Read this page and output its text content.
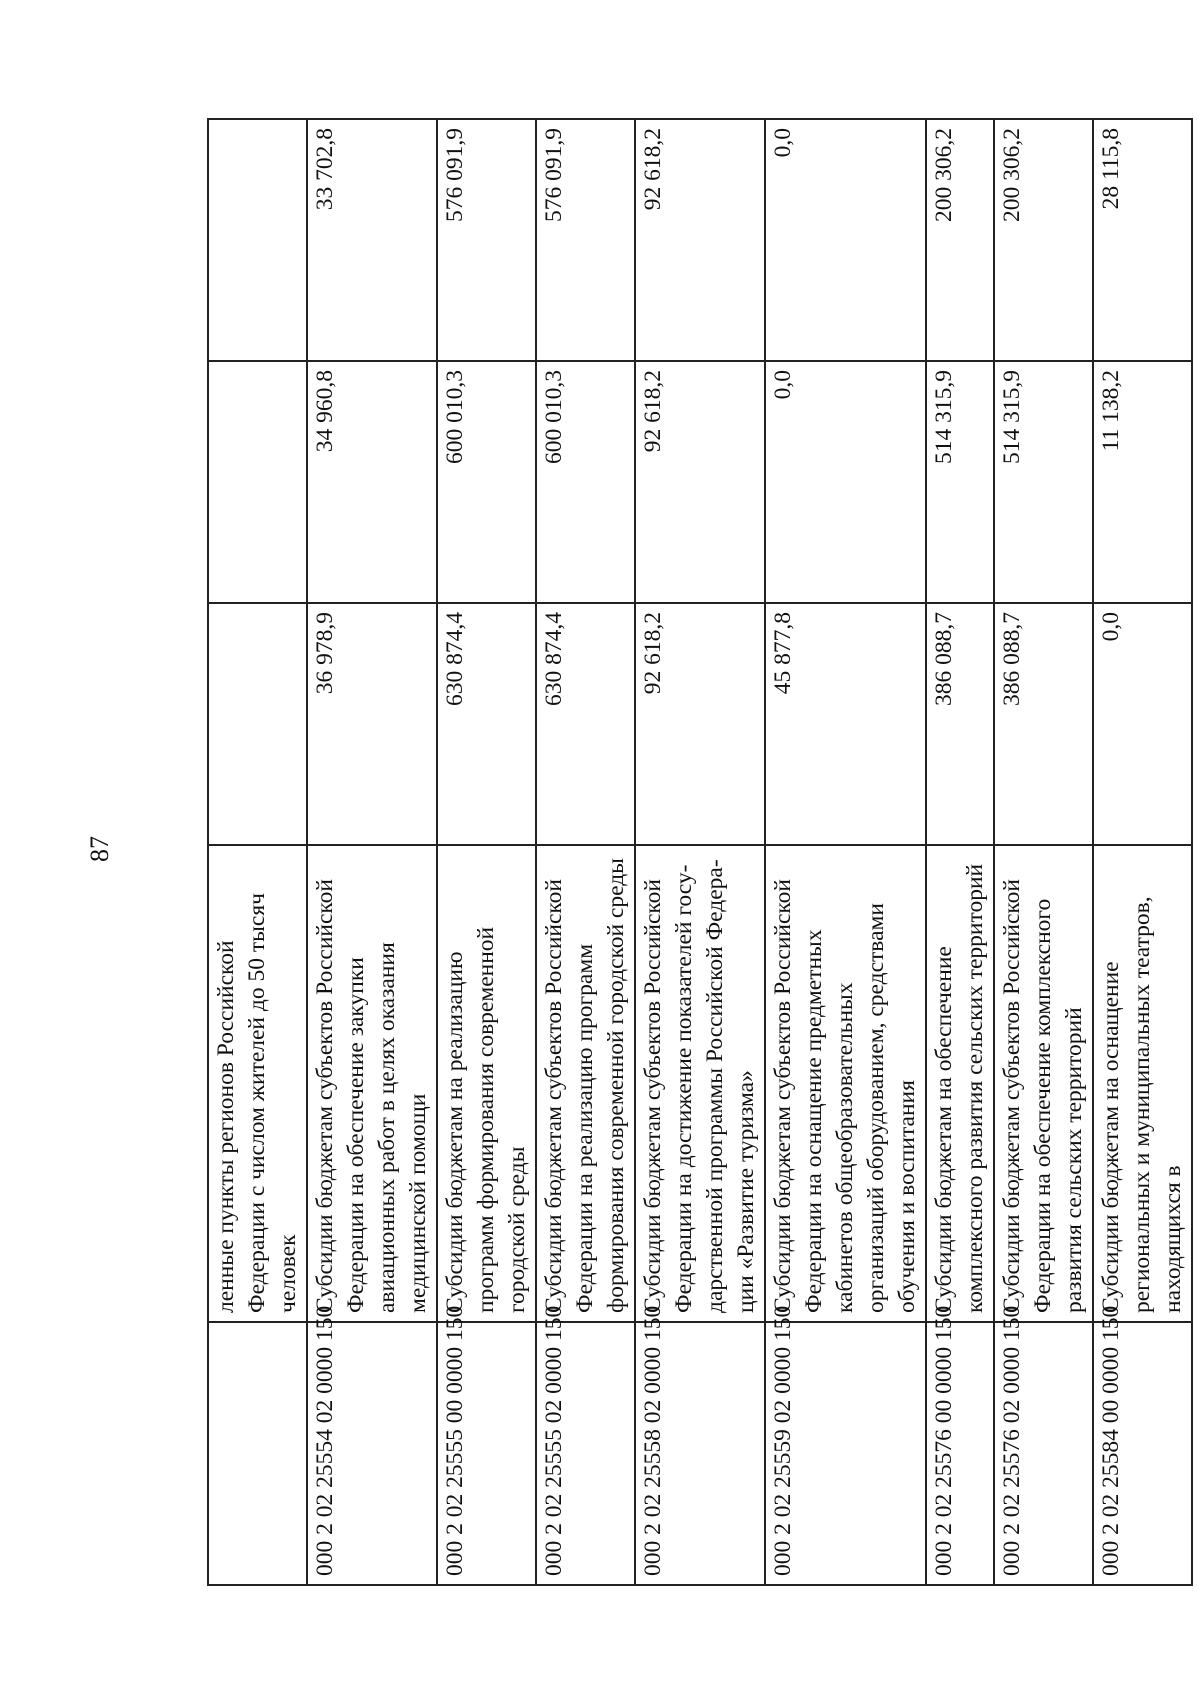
87
	ленные пункты регионов Российской Федерации с числом жителей до 50 тысяч человек			
000 2 02 25554 02 0000 150	Субсидии бюджетам субъектов Российской Федерации на обеспечение закупки авиационных работ в целях оказания медицинской помощи	36 978,9	34 960,8	33 702,8
000 2 02 25555 00 0000 150	Субсидии бюджетам на реализацию программ формирования современной городской среды	630 874,4	600 010,3	576 091,9
000 2 02 25555 02 0000 150	Субсидии бюджетам субъектов Российской Федерации на реализацию программ формирования современной городской среды	630 874,4	600 010,3	576 091,9
000 2 02 25558 02 0000 150	Субсидии бюджетам субъектов Российской Федерации на достижение показателей государственной программы Российской Федерации «Развитие туризма»	92 618,2	92 618,2	92 618,2
000 2 02 25559 02 0000 150	Субсидии бюджетам субъектов Российской Федерации на оснащение предметных кабинетов общеобразовательных организаций оборудованием, средствами обучения и воспитания	45 877,8	0,0	0,0
000 2 02 25576 00 0000 150	Субсидии бюджетам на обеспечение комплексного развития сельских территорий	386 088,7	514 315,9	200 306,2
000 2 02 25576 02 0000 150	Субсидии бюджетам субъектов Российской Федерации на обеспечение комплексного развития сельских территорий	386 088,7	514 315,9	200 306,2
000 2 02 25584 00 0000 150	Субсидии бюджетам на оснащение региональных и муниципальных театров, находящихся в	0,0	11 138,2	28 115,8
